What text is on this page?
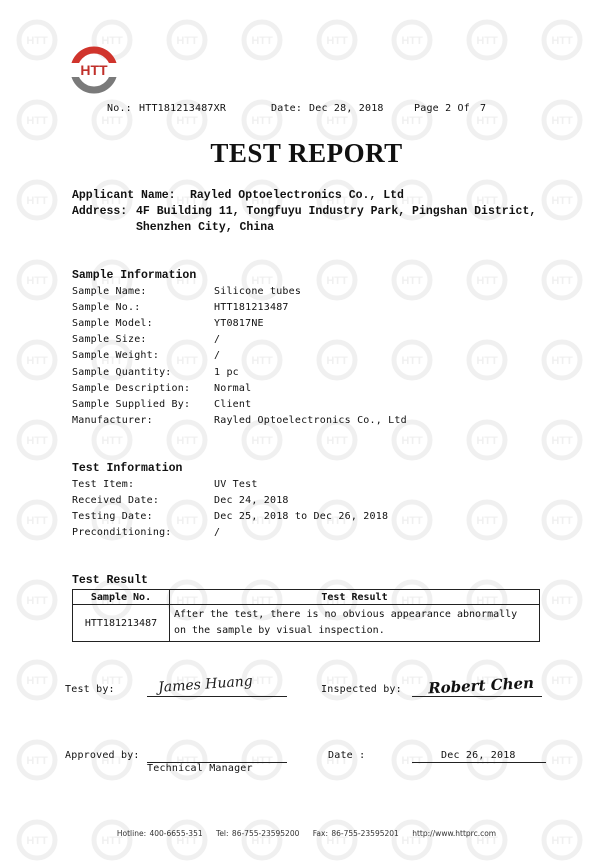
HTT
No.: HTT181213487XR	Date: Dec 28, 2018	Page 2 Of 7
TEST REPORT
Applicant Name: Rayled Optoelectronics Co., Ltd
Address: 4F Building 11, Tongfuyu Industry Park, Pingshan District,
Shenzhen City, China
Sample Information
Sample Name:	Silicone tubes
Sample No.:	HTT181213487
Sample Model:	YT0817NE
Sample Size:	/
Sample Weight:	/
Sample Quantity:	1 pc
Sample Description: Normal
Sample Supplied By: Client
Manufacturer:	Rayled Optoelectronics Co., Ltd
Test Information
Test Item:	UV Test
Received Date:	Dec 24, 2018
Testing Date:	Dec 25, 2018 to Dec 26, 2018
Preconditioning:	/
Test Result
Sample No.	Test Result
HTT181213487	After the test, there is no obvious appearance abnormally
on the sample by visual inspection.
Test by:	James Huang	Inspected by: Robert Chen
Approved by:
Technical Manager
Date :	Dec 26, 2018
Hotline: 400-6655-351 Tel: 86-755-23595200 Fax: 86-755-23595201 http://www.httprc.com
